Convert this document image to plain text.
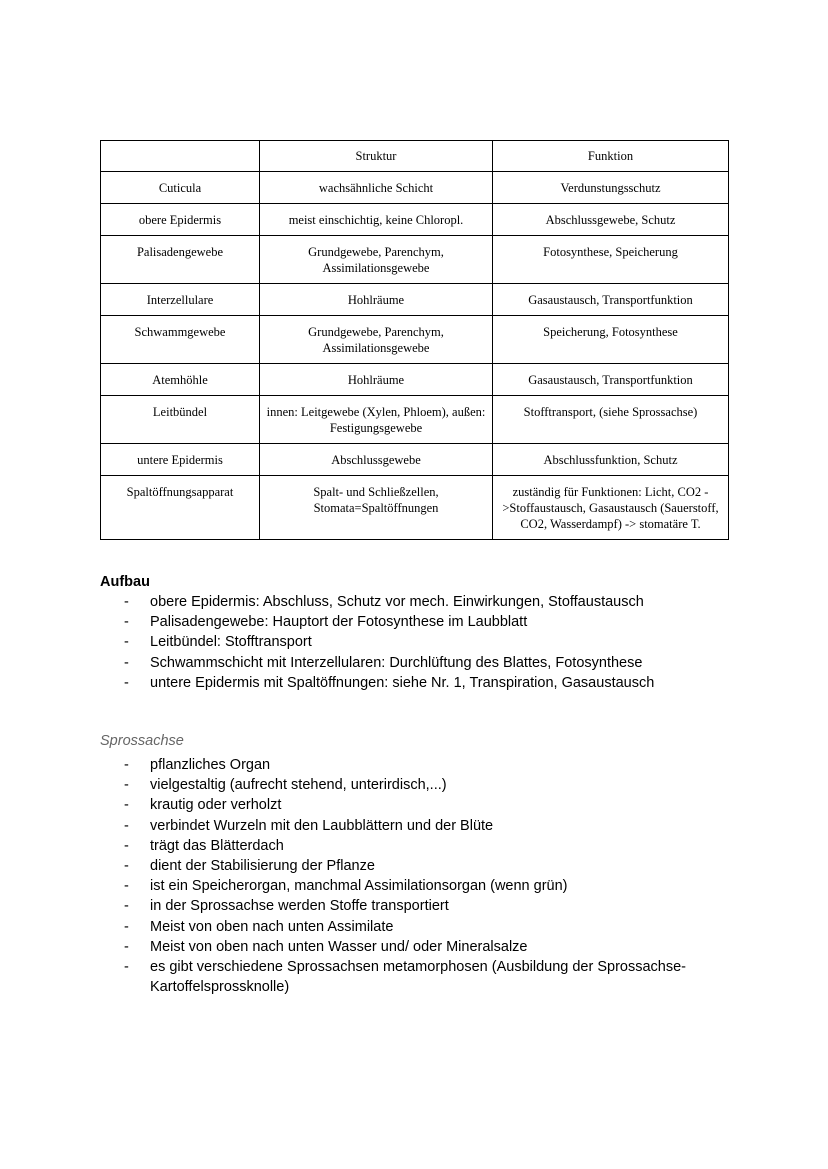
	Struktur	Funktion
Cuticula	wachsähnliche Schicht	Verdunstungsschutz
obere Epidermis	meist einschichtig, keine Chloropl.	Abschlussgewebe, Schutz
Palisadengewebe	Grundgewebe, Parenchym, Assimilationsgewebe	Fotosynthese, Speicherung
Interzellulare	Hohlräume	Gasaustausch, Transportfunktion
Schwammgewebe	Grundgewebe, Parenchym, Assimilationsgewebe	Speicherung, Fotosynthese
Atemhöhle	Hohlräume	Gasaustausch, Transportfunktion
Leitbündel	innen: Leitgewebe (Xylen, Phloem), außen: Festigungsgewebe	Stofftransport, (siehe Sprossachse)
untere Epidermis	Abschlussgewebe	Abschlussfunktion, Schutz
Spaltöffnungsapparat	Spalt- und Schließzellen, Stomata=Spaltöffnungen	zuständig für Funktionen: Licht, CO2 ->Stoffaustausch, Gasaustausch (Sauerstoff, CO2, Wasserdampf) -> stomatäre T.

Aufbau

- obere Epidermis: Abschluss, Schutz vor mech. Einwirkungen, Stoffaustausch
- Palisadengewebe: Hauptort der Fotosynthese im Laubblatt
- Leitbündel: Stofftransport
- Schwammschicht mit Interzellularen: Durchlüftung des Blattes, Fotosynthese
- untere Epidermis mit Spaltöffnungen: siehe Nr. 1, Transpiration, Gasaustausch

Sprossachse

- pflanzliches Organ
- vielgestaltig (aufrecht stehend, unterirdisch,...)
- krautig oder verholzt
- verbindet Wurzeln mit den Laubblättern und der Blüte
- trägt das Blätterdach
- dient der Stabilisierung der Pflanze
- ist ein Speicherorgan, manchmal Assimilationsorgan (wenn grün)
- in der Sprossachse werden Stoffe transportiert
- Meist von oben nach unten Assimilate
- Meist von oben nach unten Wasser und/ oder Mineralsalze
- es gibt verschiedene Sprossachsen metamorphosen (Ausbildung der Sprossachse-Kartoffelsprossknolle)
